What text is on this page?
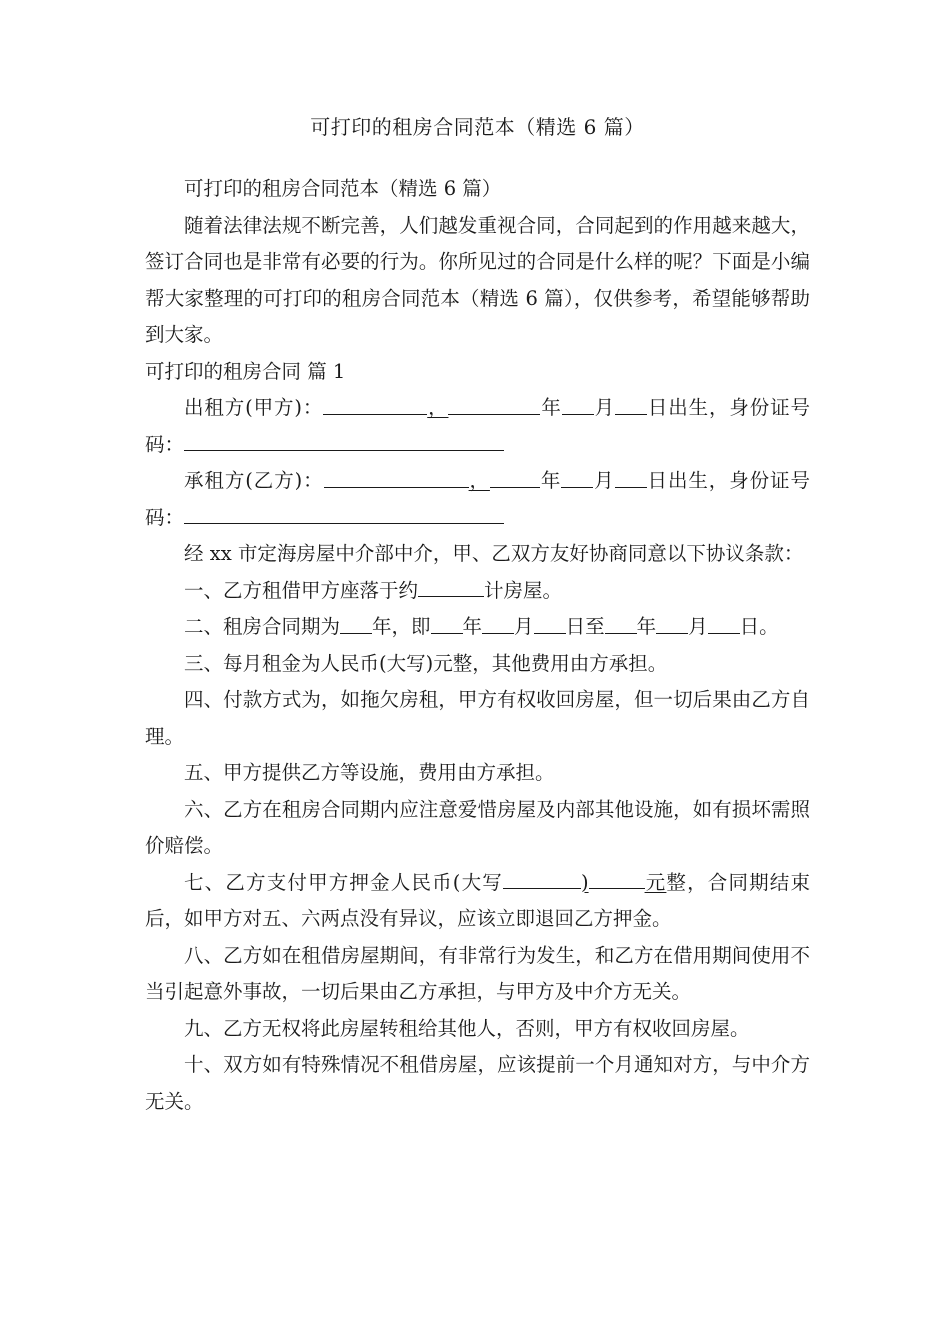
可打印的租房合同范本（精选 6 篇）

可打印的租房合同范本（精选 6 篇）

随着法律法规不断完善，人们越发重视合同，合同起到的作用越来越大，签订合同也是非常有必要的行为。你所见过的合同是什么样的呢？下面是小编帮大家整理的可打印的租房合同范本（精选 6 篇），仅供参考，希望能够帮助到大家。

可打印的租房合同 篇 1

出租方(甲方)：	，	年 月 日出生，身份证号码：

承租方(乙方)：	，	年 月 日出生，身份证号码：

经 xx 市定海房屋中介部中介，甲、乙双方友好协商同意以下协议条款：

一、乙方租借甲方座落于约	计房屋。

二、租房合同期为 年，即 年 月 日至 年 月 日。

三、每月租金为人民币(大写)元整，其他费用由方承担。

四、付款方式为，如拖欠房租，甲方有权收回房屋，但一切后果由乙方自理。

五、甲方提供乙方等设施，费用由方承担。

六、乙方在租房合同期内应注意爱惜房屋及内部其他设施，如有损坏需照价赔偿。

七、乙方支付甲方押金人民币(大写	)	元整，合同期结束后，如甲方对五、六两点没有异议，应该立即退回乙方押金。

八、乙方如在租借房屋期间，有非常行为发生，和乙方在借用期间使用不当引起意外事故，一切后果由乙方承担，与甲方及中介方无关。

九、乙方无权将此房屋转租给其他人，否则，甲方有权收回房屋。

十、双方如有特殊情况不租借房屋，应该提前一个月通知对方，与中介方无关。
